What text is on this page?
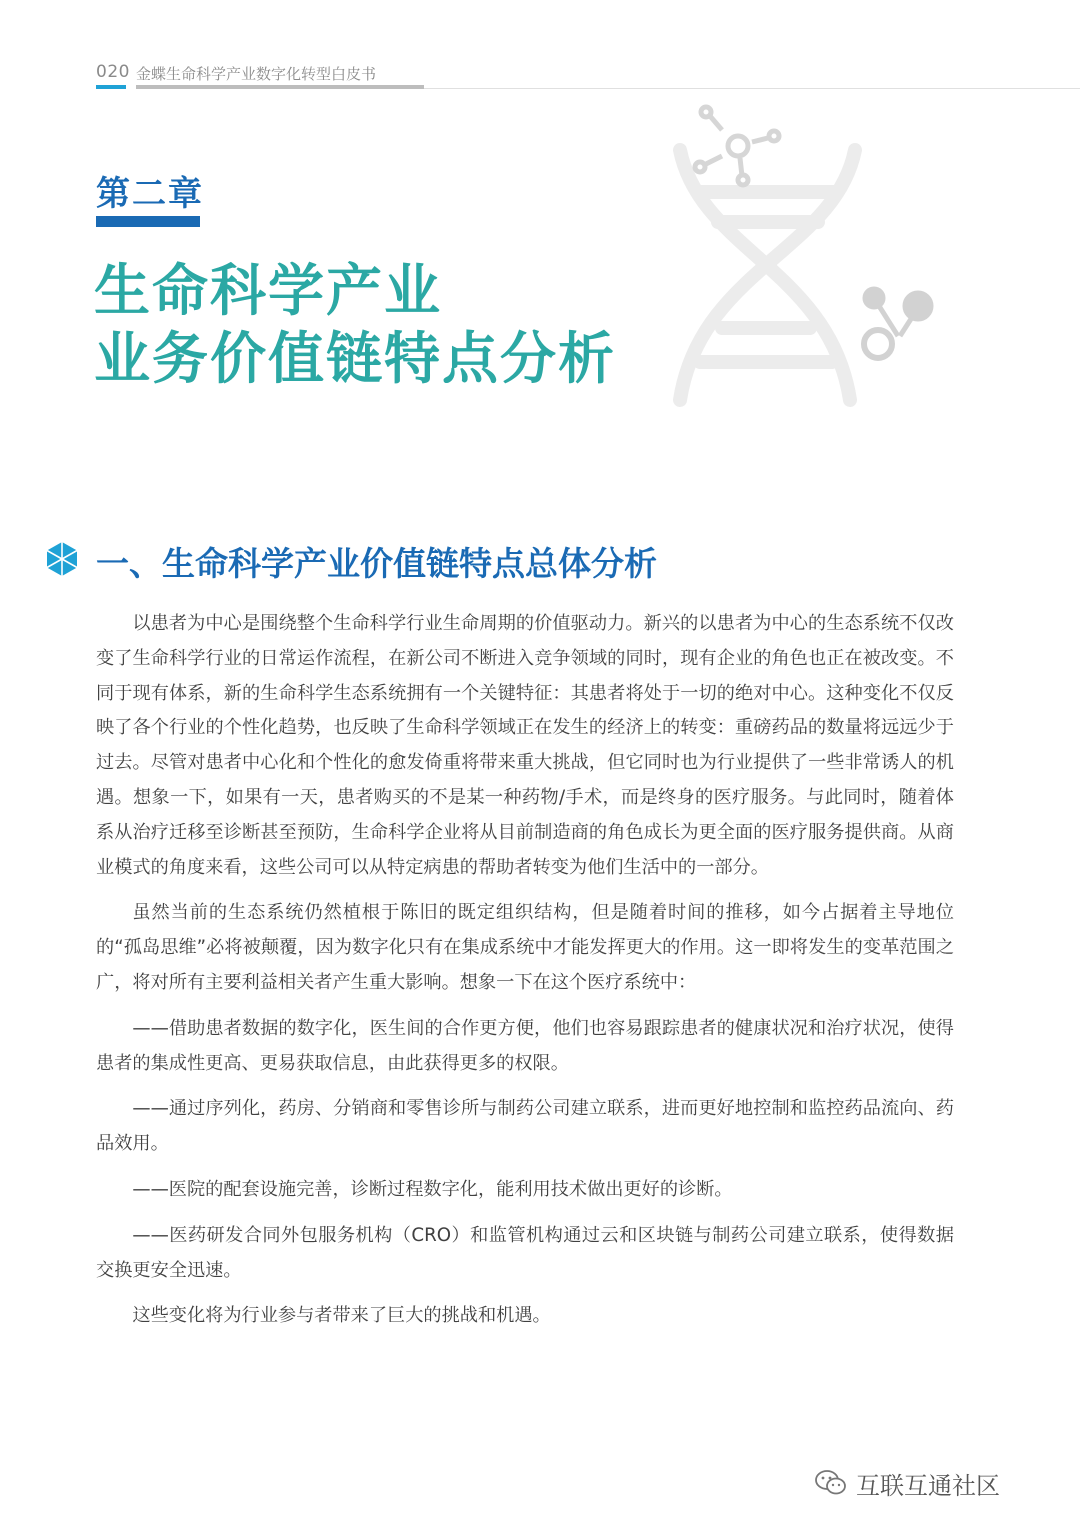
020 金蝶生命科学产业数字化转型白皮书
第二章
生命科学产业
业务价值链特点分析
一、生命科学产业价值链特点总体分析

以患者为中心是围绕整个生命科学行业生命周期的价值驱动力。新兴的以患者为中心的生态系统不仅改变了生命科学行业的日常运作流程，在新公司不断进入竞争领域的同时，现有企业的角色也正在被改变。不同于现有体系，新的生命科学生态系统拥有一个关键特征：其患者将处于一切的绝对中心。这种变化不仅反映了各个行业的个性化趋势，也反映了生命科学领域正在发生的经济上的转变：重磅药品的数量将远远少于过去。尽管对患者中心化和个性化的愈发倚重将带来重大挑战，但它同时也为行业提供了一些非常诱人的机遇。想象一下，如果有一天，患者购买的不是某一种药物/手术，而是终身的医疗服务。与此同时，随着体系从治疗迁移至诊断甚至预防，生命科学企业将从目前制造商的角色成长为更全面的医疗服务提供商。从商业模式的角度来看，这些公司可以从特定病患的帮助者转变为他们生活中的一部分。

虽然当前的生态系统仍然植根于陈旧的既定组织结构，但是随着时间的推移，如今占据着主导地位的“孤岛思维”必将被颠覆，因为数字化只有在集成系统中才能发挥更大的作用。这一即将发生的变革范围之广，将对所有主要利益相关者产生重大影响。想象一下在这个医疗系统中：

——借助患者数据的数字化，医生间的合作更方便，他们也容易跟踪患者的健康状况和治疗状况，使得患者的集成性更高、更易获取信息，由此获得更多的权限。

——通过序列化，药房、分销商和零售诊所与制药公司建立联系，进而更好地控制和监控药品流向、药品效用。

——医院的配套设施完善，诊断过程数字化，能利用技术做出更好的诊断。

——医药研发合同外包服务机构（CRO）和监管机构通过云和区块链与制药公司建立联系，使得数据交换更安全迅速。

这些变化将为行业参与者带来了巨大的挑战和机遇。

互联互通社区
